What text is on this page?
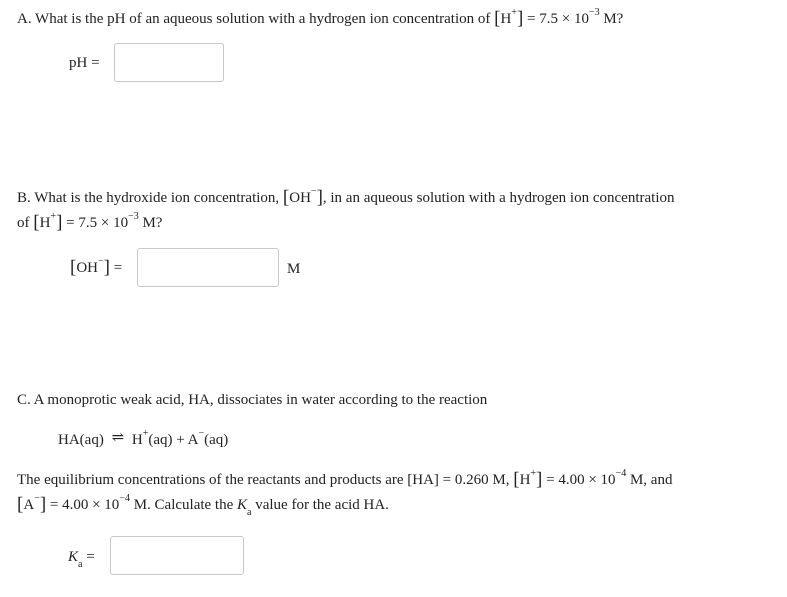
A. What is the pH of an aqueous solution with a hydrogen ion concentration of $[H^+] = 7.5 \times 10^{-3}$ M?
pH =
B. What is the hydroxide ion concentration, [OH−], in an aqueous solution with a hydrogen ion concentration
of $[H^+] = 7.5 \times 10^{-3}$ M?
[OH−] =	M
C. A monoprotic weak acid, HA, dissociates in water according to the reaction
HA(aq) ⇌ H+(aq) + A−(aq)
The equilibrium concentrations of the reactants and products are [HA] = 0.260 M, $[H^+] = 4.00 \times 10^{-4}$ M, and
$[A^-] = 4.00 \times 10^{-4}$ M. Calculate the $K_a$ value for the acid HA.
$K_a$ =
